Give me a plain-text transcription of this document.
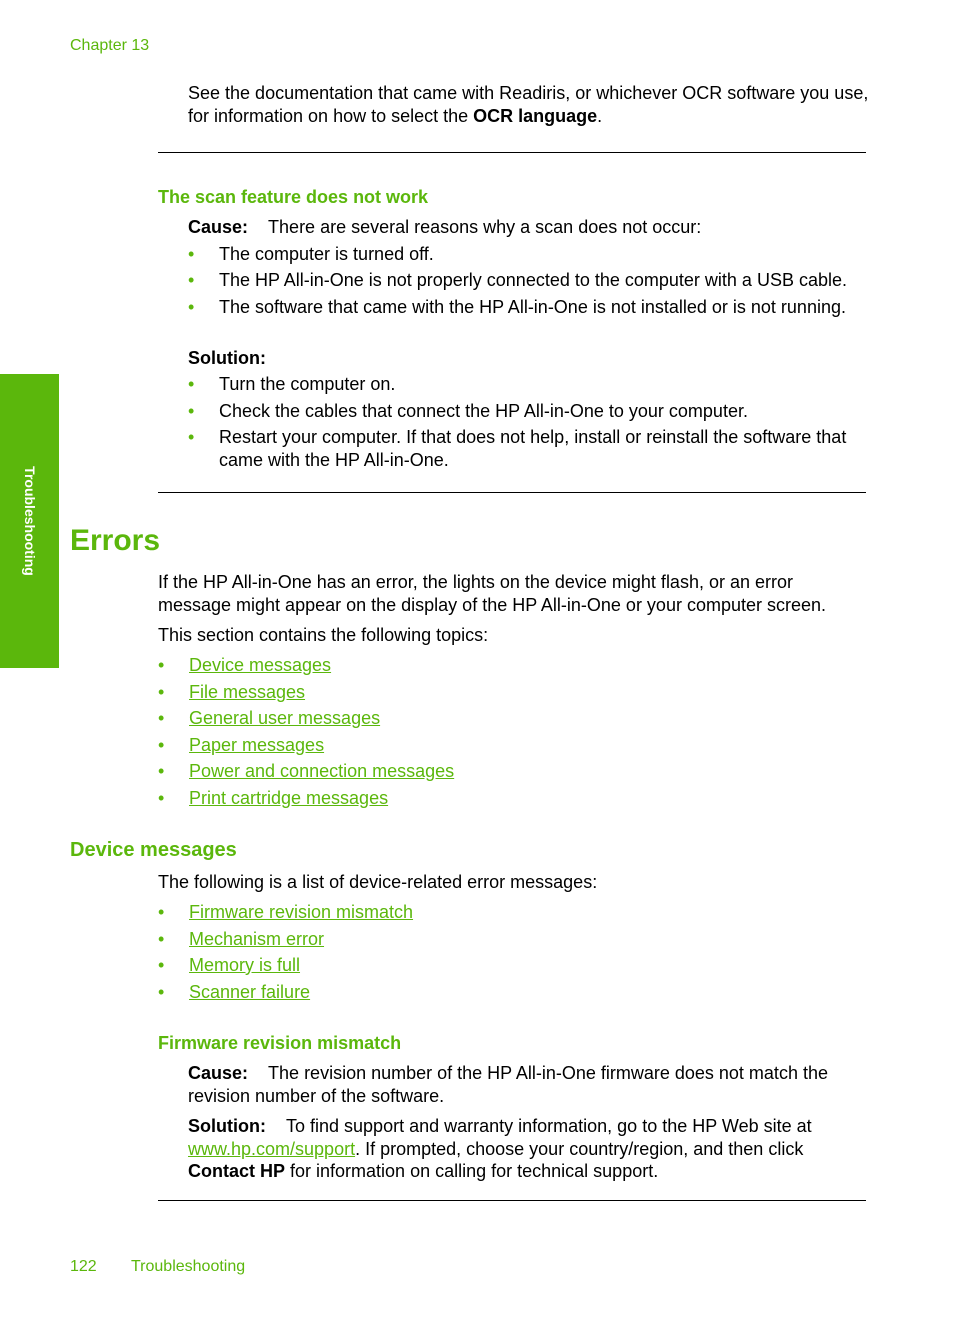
Chapter 13
Troubleshooting
See the documentation that came with Readiris, or whichever OCR software you use, for information on how to select the OCR language.
The scan feature does not work
Cause: There are several reasons why a scan does not occur:
• The computer is turned off.
• The HP All-in-One is not properly connected to the computer with a USB cable.
• The software that came with the HP All-in-One is not installed or is not running.
Solution:
• Turn the computer on.
• Check the cables that connect the HP All-in-One to your computer.
• Restart your computer. If that does not help, install or reinstall the software that came with the HP All-in-One.
Errors
If the HP All-in-One has an error, the lights on the device might flash, or an error message might appear on the display of the HP All-in-One or your computer screen.
This section contains the following topics:
• Device messages
• File messages
• General user messages
• Paper messages
• Power and connection messages
• Print cartridge messages
Device messages
The following is a list of device-related error messages:
• Firmware revision mismatch
• Mechanism error
• Memory is full
• Scanner failure
Firmware revision mismatch
Cause: The revision number of the HP All-in-One firmware does not match the revision number of the software.
Solution: To find support and warranty information, go to the HP Web site at www.hp.com/support. If prompted, choose your country/region, and then click Contact HP for information on calling for technical support.
122 Troubleshooting
